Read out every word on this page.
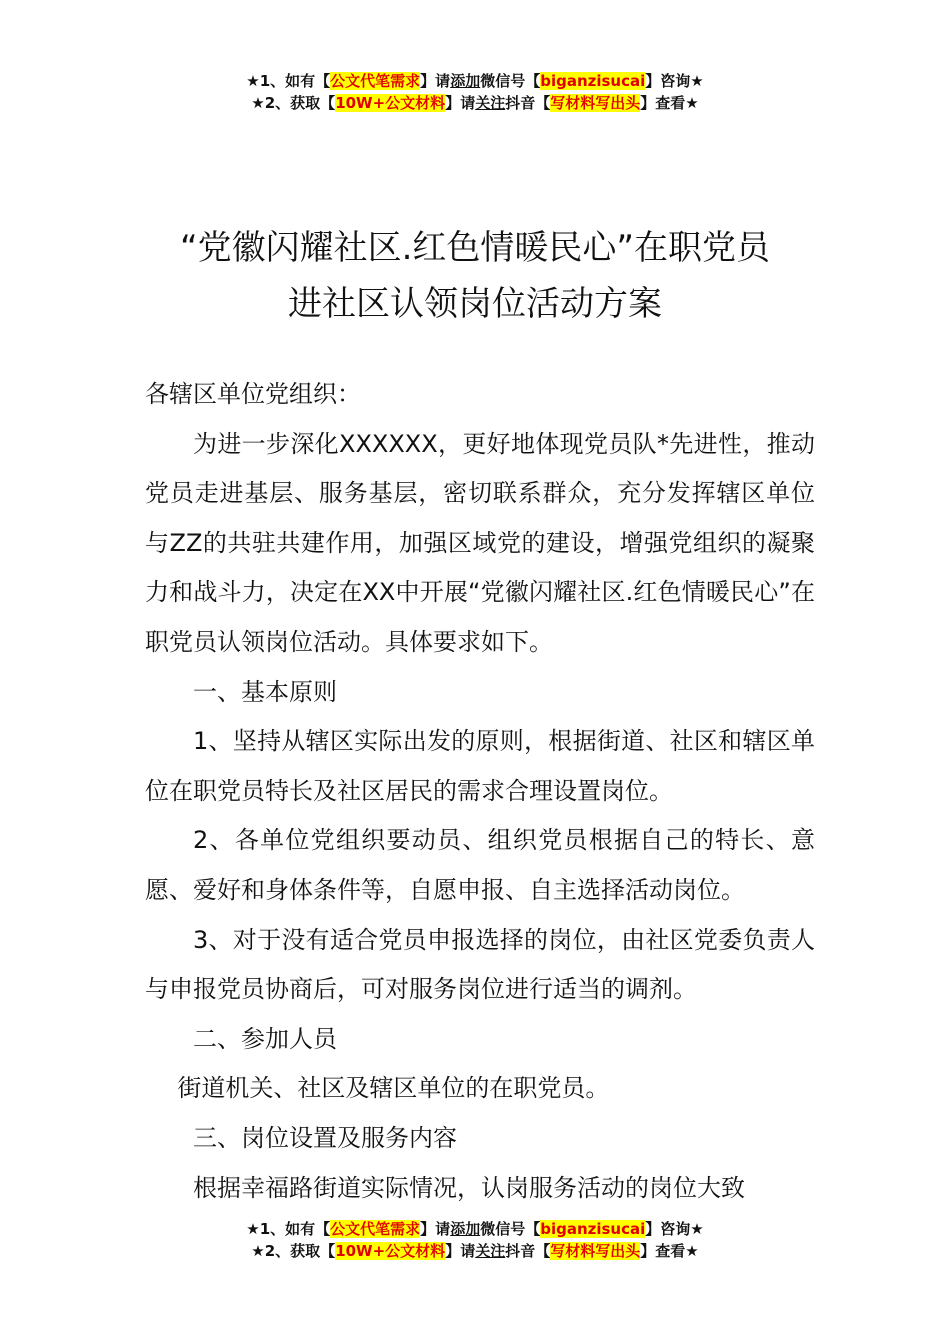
★1、如有【公文代笔需求】请添加微信号【biganzisucai】咨询★
★2、获取【10W+公文材料】请关注抖音【写材料写出头】查看★
“党徽闪耀社区.红色情暖民心”在职党员
进社区认领岗位活动方案

各辖区单位党组织：

为进一步深化XXXXXX，更好地体现党员队*先进性，推动党员走进基层、服务基层，密切联系群众，充分发挥辖区单位与ZZ的共驻共建作用，加强区域党的建设，增强党组织的凝聚力和战斗力，决定在XX中开展“党徽闪耀社区.红色情暖民心”在职党员认领岗位活动。具体要求如下。

一、基本原则

1、坚持从辖区实际出发的原则，根据街道、社区和辖区单位在职党员特长及社区居民的需求合理设置岗位。

2、各单位党组织要动员、组织党员根据自己的特长、意愿、爱好和身体条件等，自愿申报、自主选择活动岗位。

3、对于没有适合党员申报选择的岗位，由社区党委负责人与申报党员协商后，可对服务岗位进行适当的调剂。

二、参加人员

街道机关、社区及辖区单位的在职党员。

三、岗位设置及服务内容

根据幸福路街道实际情况，认岗服务活动的岗位大致

★1、如有【公文代笔需求】请添加微信号【biganzisucai】咨询★
★2、获取【10W+公文材料】请关注抖音【写材料写出头】查看★
